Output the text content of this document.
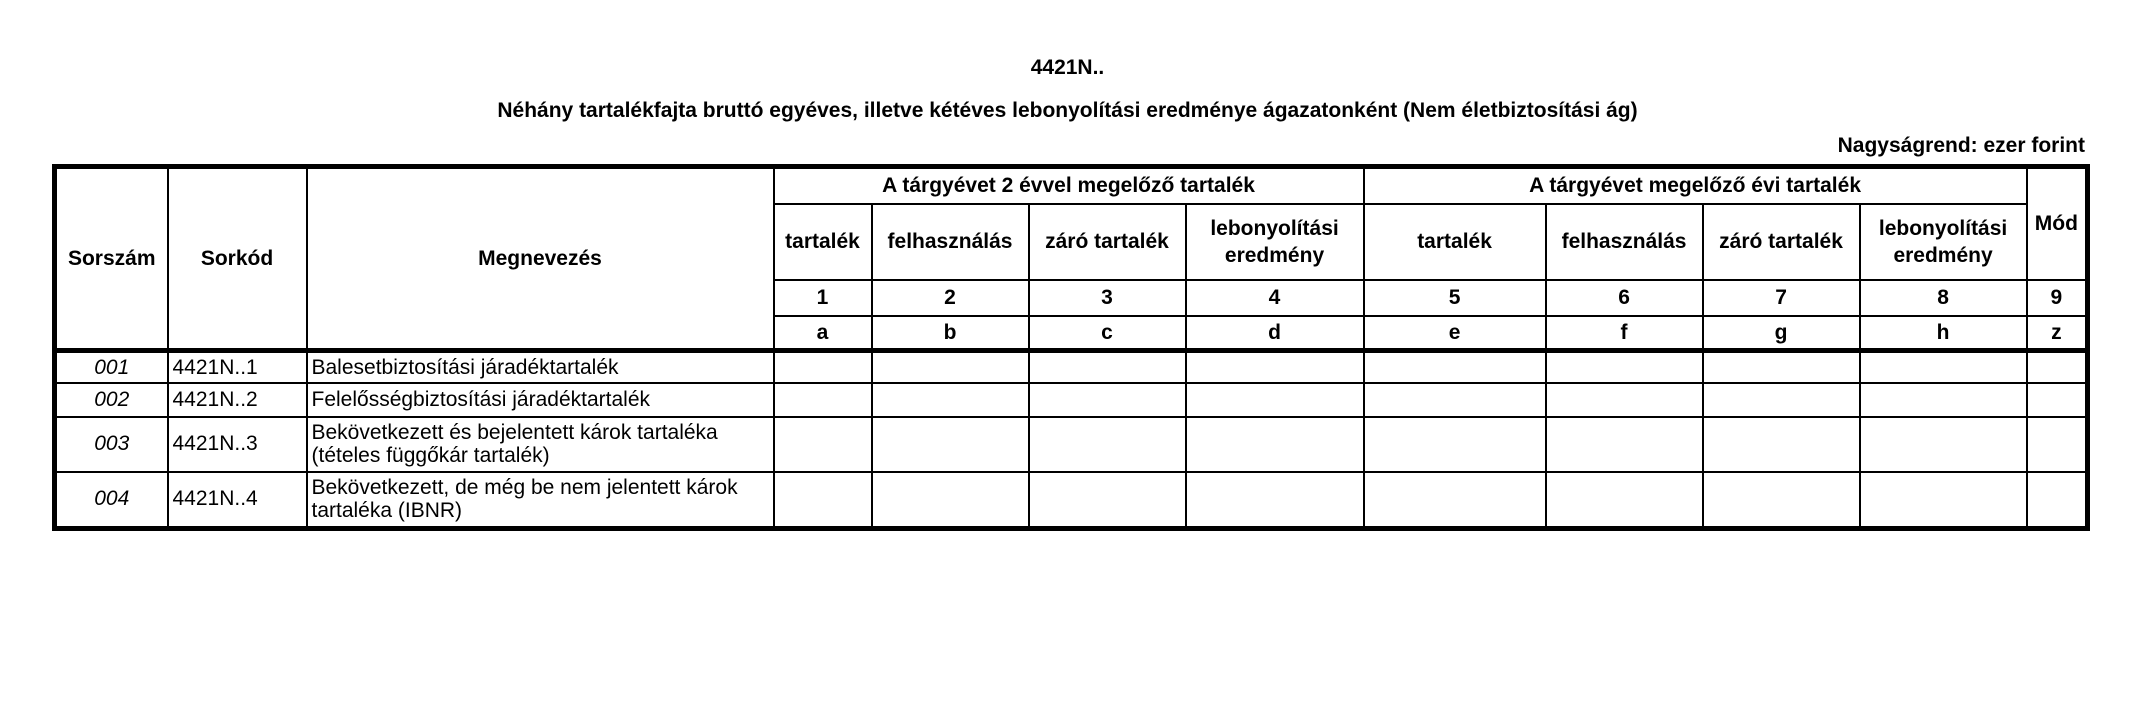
4421N..
Néhány tartalékfajta bruttó egyéves, illetve kétéves lebonyolítási eredménye ágazatonként (Nem életbiztosítási ág)
Nagyságrend: ezer forint
Sorszám	Sorkód	Megnevezés	A tárgyévet 2 évvel megelőző tartalék				A tárgyévet megelőző évi tartalék				Mód
			tartalék	felhasználás	záró tartalék	lebonyolítási eredmény	tartalék	felhasználás	záró tartalék	lebonyolítási eredmény	
			1	2	3	4	5	6	7	8	9
			a	b	c	d	e	f	g	h	z
001	4421N..1	Balesetbiztosítási járadéktartalék									
002	4421N..2	Felelősségbiztosítási járadéktartalék									
003	4421N..3	Bekövetkezett és bejelentett károk tartaléka (tételes függőkár tartalék)									
004	4421N..4	Bekövetkezett, de még be nem jelentett károk tartaléka (IBNR)									
